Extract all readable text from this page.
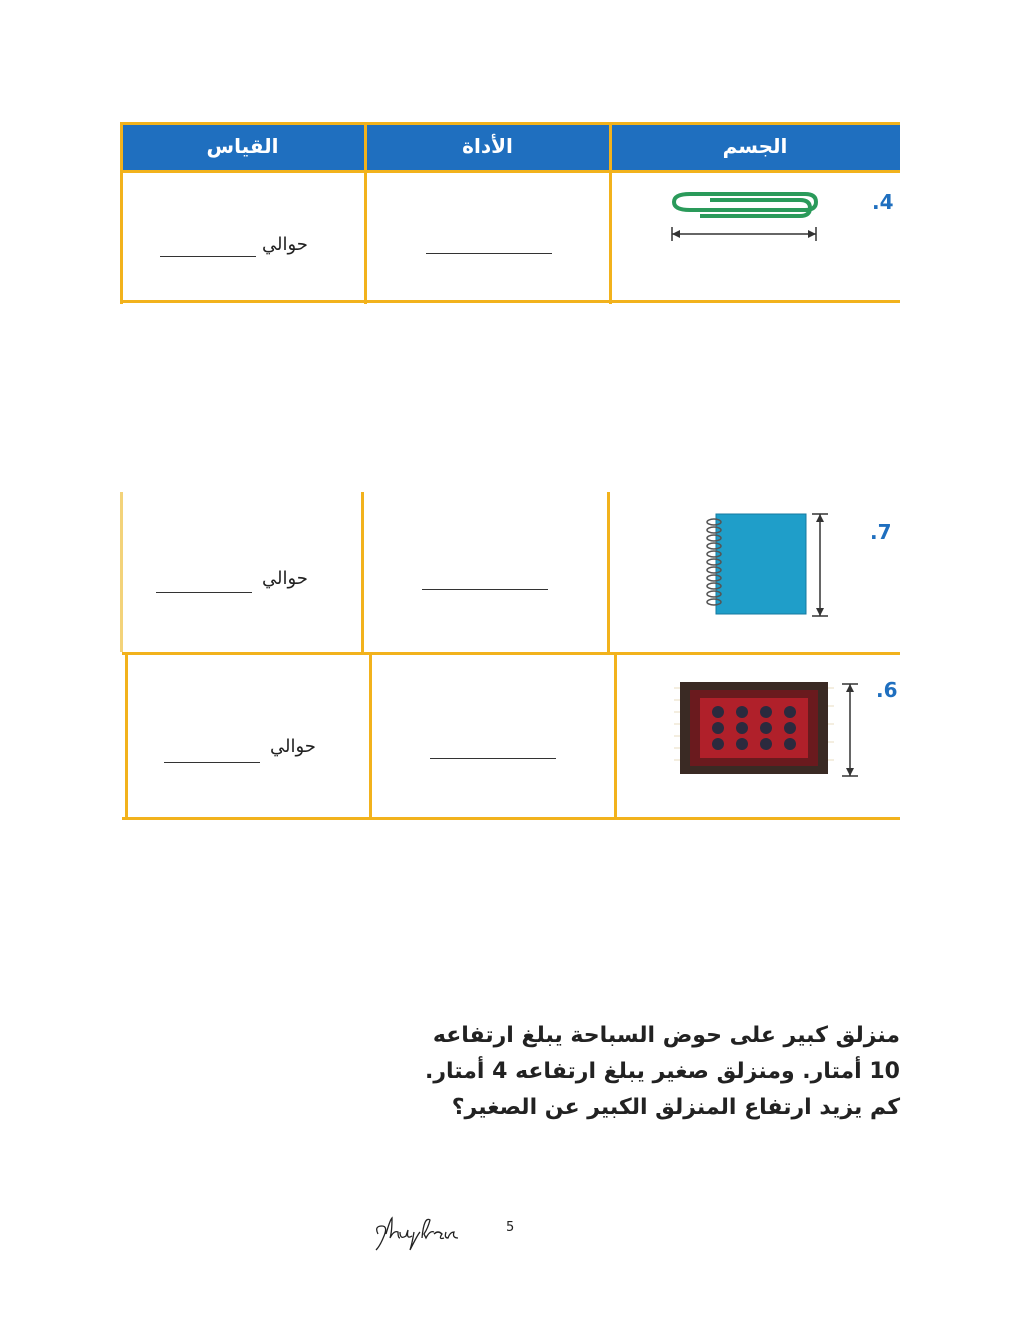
الجسم
الأداة
القياس
.4
حوالي
.7
حوالي
.6
حوالي

منزلق كبير على حوض السباحة يبلغ ارتفاعه

10 أمتار. ومنزلق صغير يبلغ ارتفاعه 4 أمتار.

كم يزيد ارتفاع المنزلق الكبير عن الصغير؟

5
